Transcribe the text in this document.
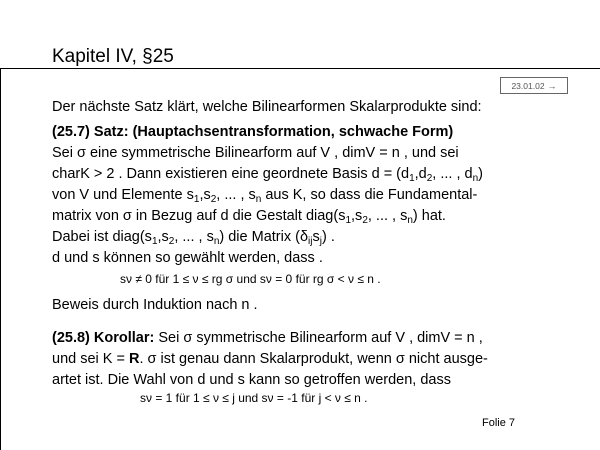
Kapitel IV, §25
23.01.02 →
Der nächste Satz klärt, welche Bilinearformen Skalarprodukte sind:
(25.7) Satz: (Hauptachsentransformation, schwache Form)
Sei σ eine symmetrische Bilinearform auf V , dimV = n , und sei
charK > 2 . Dann existieren eine geordnete Basis $d = (d_1,d_2$, ... , $d_n$)
von V und Elemente $s_1,s_2$, ... , $s_n$ aus K, so dass die Fundamental-
matrix von σ in Bezug auf d die Gestalt $diag(s_1,s_2$, ... , $s_n$) hat.
Dabei ist $diag(s_1,s_2$, ... , $s_n$) die Matrix $(\delta_{ij}s_j)$ .
d und s können so gewählt werden, dass .
sν ≠ 0 für 1 ≤ ν ≤ rg σ und sν = 0 für rg σ < ν ≤ n .
Beweis durch Induktion nach n .
(25.8) Korollar: Sei σ symmetrische Bilinearform auf V , dimV = n ,
und sei K = R. σ ist genau dann Skalarprodukt, wenn σ nicht ausge-
artet ist. Die Wahl von d und s kann so getroffen werden, dass
sν = 1 für 1 ≤ ν ≤ j und sν = -1 für j < ν ≤ n .
Folie 7
